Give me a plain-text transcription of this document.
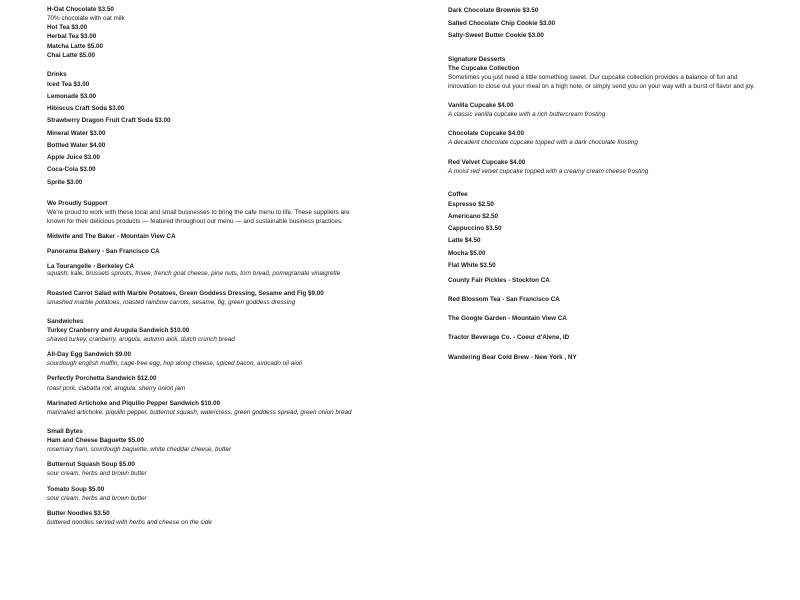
H-Oat Chocolate $3.50
70% chocolate with oat milk
Hot Tea $3.00
Herbal Tea $3.00
Matcha Latte $5.00
Chai Latte $5.00
Drinks
Iced Tea $3.00
Lemonade $3.00
Hibiscus Craft Soda $3.00
Strawberry Dragon Fruit Craft Soda $3.00
Mineral Water $3.00
Bottled Water $4.00
Apple Juice $3.00
Coca-Cola $3.00
Sprite $3.00
We Proudly Support
We're proud to work with these local and small businesses to bring the cafe menu to life. These suppliers are known for their delicious products — featured throughout our menu — and sustainable business practices.
Midwife and The Baker - Mountain View CA
Panorama Bakery - San Francisco CA
La Tourangelle - Berkeley CA
squash, kale, brussels sprouts, frisee, french goat cheese, pine nuts, torn bread, pomegranate vinaigrette
Roasted Carrot Salad with Marble Potatoes, Green Goddess Dressing, Sesame and Fig $9.00
smashed marble potatoes, roasted rainbow carrots, sesame, fig, green goddess dressing
Sandwiches
Turkey Cranberry and Arugula Sandwich $10.00
shaved turkey, cranberry, arugula, autumn aioli, dutch crunch bread
All-Day Egg Sandwich $9.00
sourdough english muffin, cage-free egg, hop along cheese, spiced bacon, avocado oil aioli
Perfectly Porchetta Sandwich $12.00
roast pork, ciabatta roll, arugula, sherry onion jam
Marinated Artichoke and Piquillo Pepper Sandwich $10.00
marinated artichoke, piquillo pepper, butternut squash, watercress, green goddess spread, green onion bread
Small Bytes
Ham and Cheese Baguette $5.00
rosemary ham, sourdough baguette, white cheddar cheese, butter
Butternut Squash Soup $5.00
sour cream, herbs and brown butter
Tomato Soup $5.00
sour cream, herbs and brown butter
Butter Noodles $3.50
buttered noodles served with herbs and cheese on the side
Dark Chocolate Brownie $3.50
Salted Chocolate Chip Cookie $3.00
Salty-Sweet Butter Cookie $3.00
Signature Desserts
The Cupcake Collection
Sometimes you just need a little something sweet. Our cupcake collection provides a balance of fun and innovation to close out your meal on a high note, or simply send you on your way with a burst of flavor and joy.
Vanilla Cupcake $4.00
A classic vanilla cupcake with a rich buttercream frosting
Chocolate Cupcake $4.00
A decadent chocolate cupcake topped with a dark chocolate frosting
Red Velvet Cupcake $4.00
A moist red velvet cupcake topped with a creamy cream cheese frosting
Coffee
Espresso $2.50
Americano $2.50
Cappuccino $3.50
Latte $4.50
Mocha $5.00
Flat White $3.50
County Fair Pickles - Stockton CA
Red Blossom Tea - San Francisco CA
The Google Garden - Mountain View CA
Tractor Beverage Co. - Coeur d'Alene, ID
Wandering Bear Cold Brew - New York , NY
